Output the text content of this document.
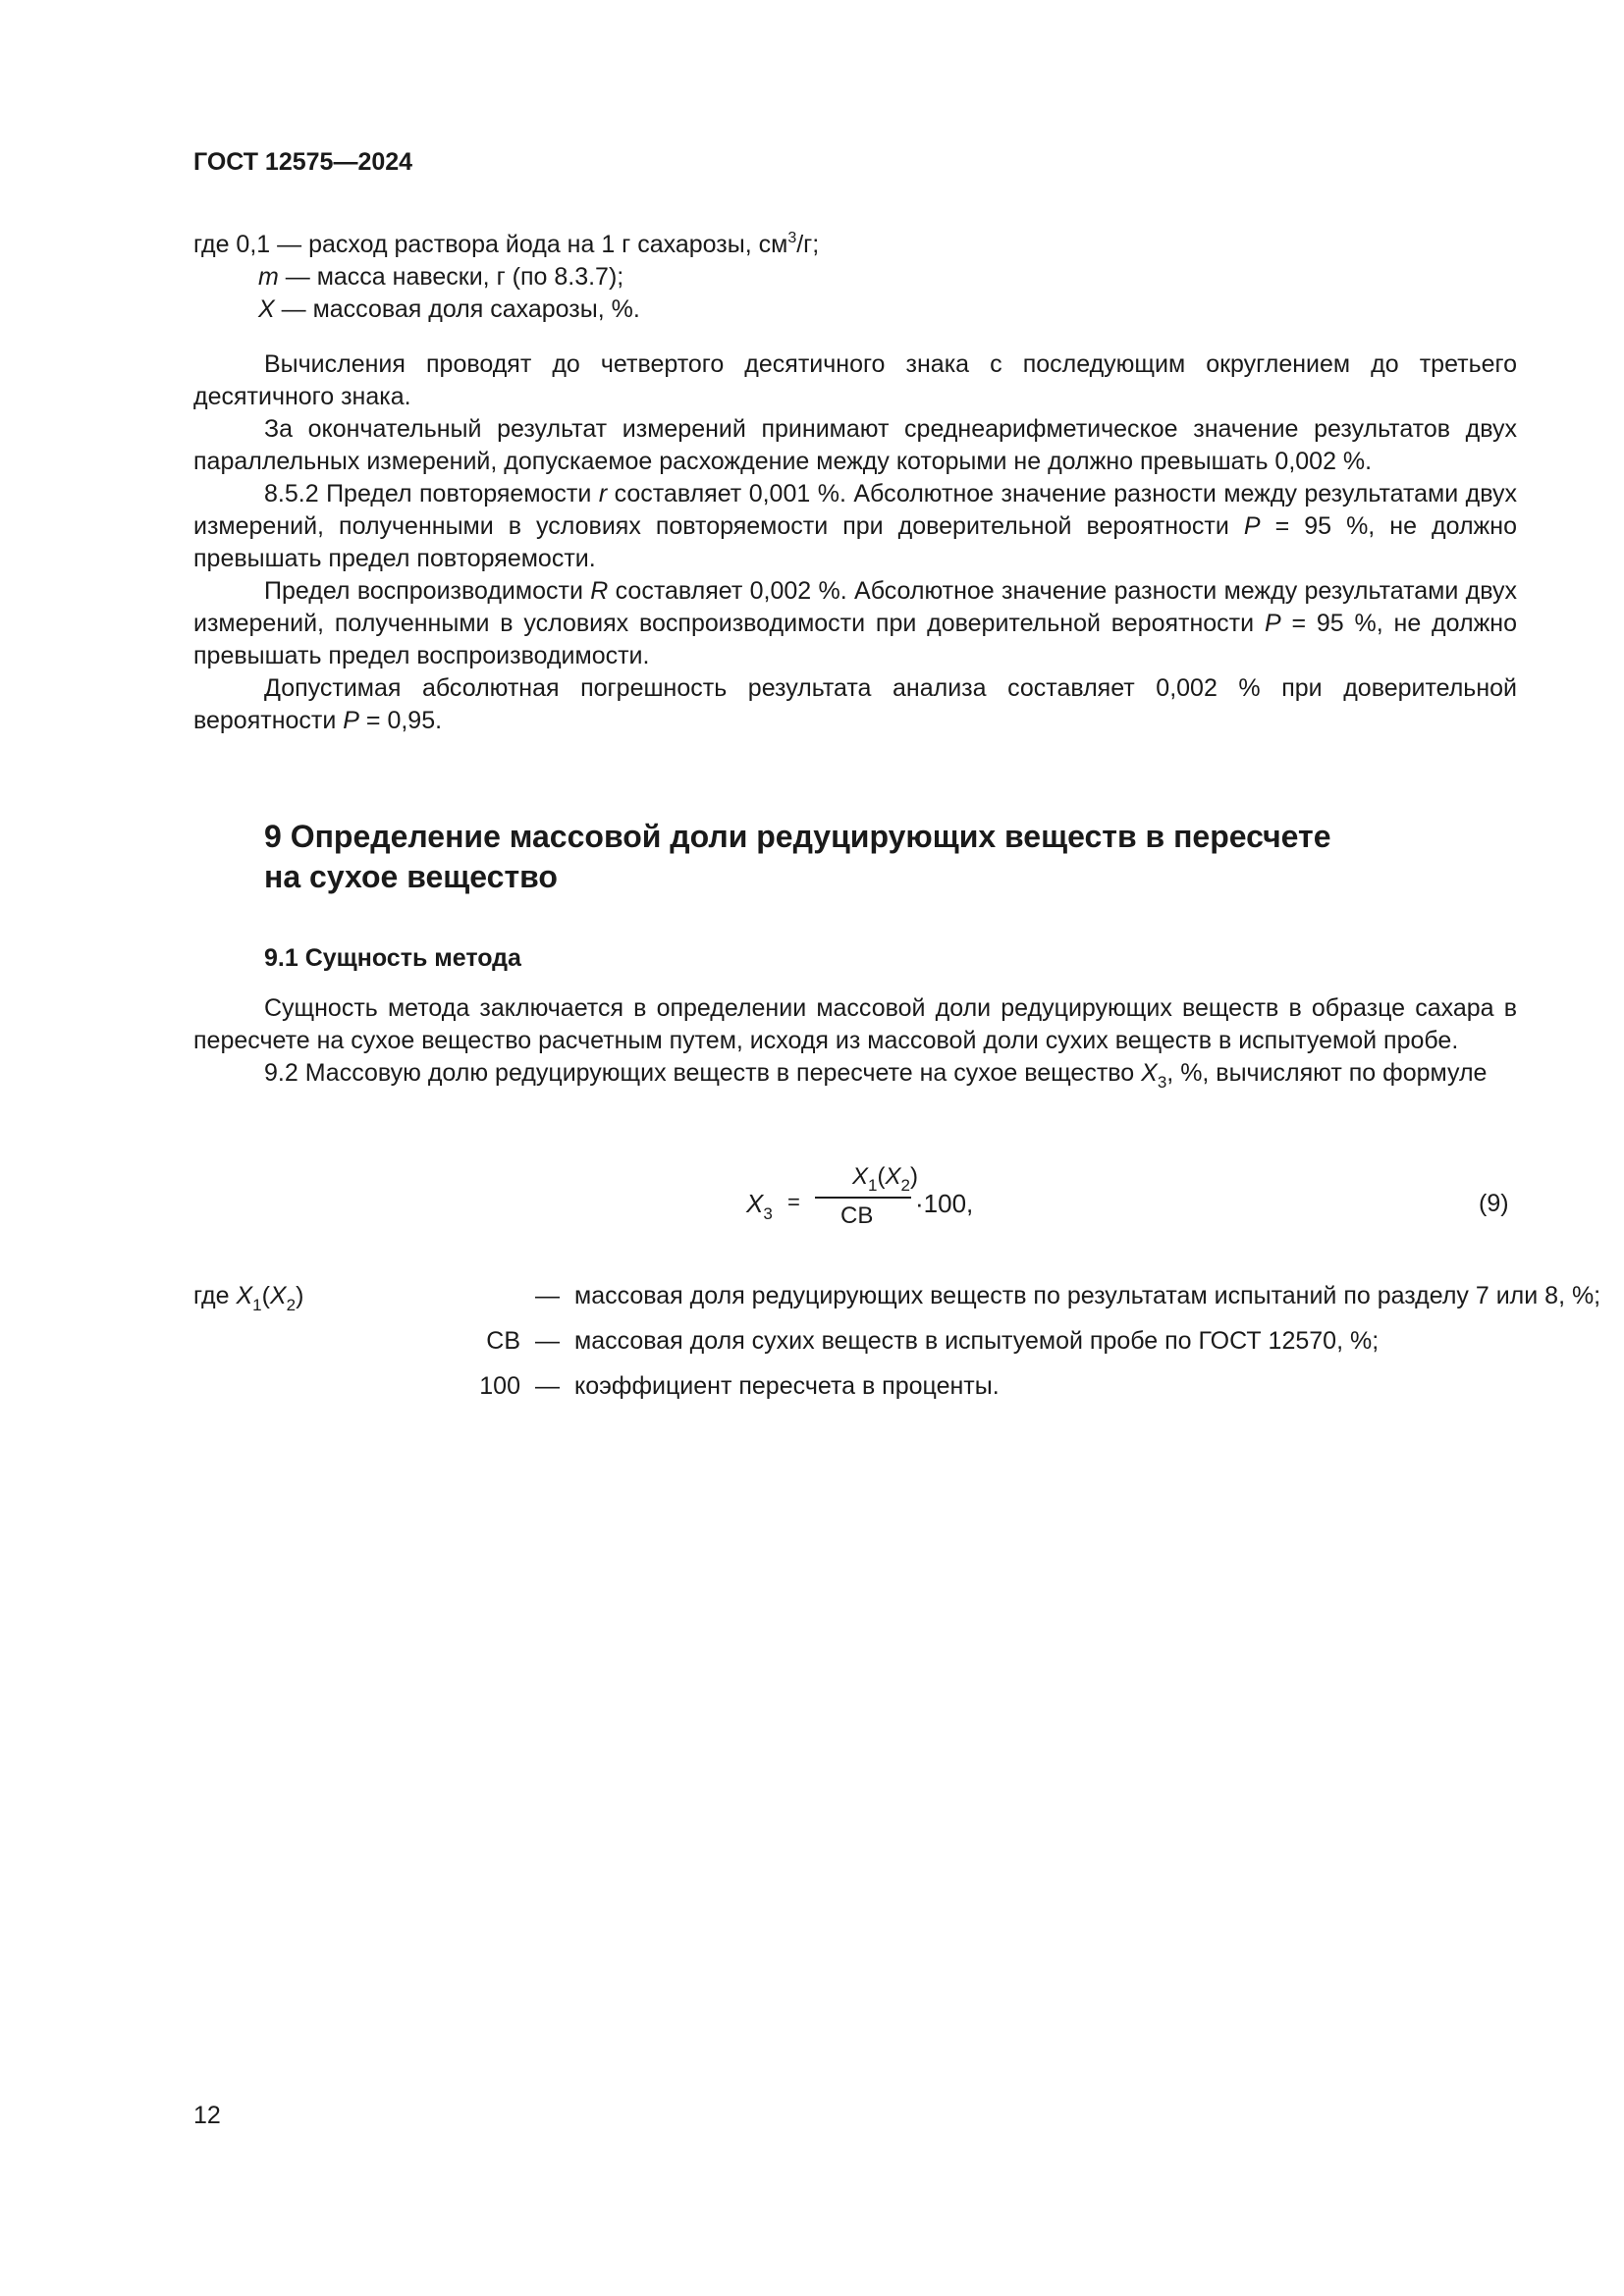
ГОСТ 12575—2024

где 0,1 — расход раствора йода на 1 г сахарозы, $см^3/г$;

m — масса навески, г (по 8.3.7);

X — массовая доля сахарозы, %.

Вычисления проводят до четвертого десятичного знака с последующим округлением до третьего десятичного знака.

За окончательный результат измерений принимают среднеарифметическое значение результатов двух параллельных измерений, допускаемое расхождение между которыми не должно превышать 0,002 %.

8.5.2 Предел повторяемости r составляет 0,001 %. Абсолютное значение разности между результатами двух измерений, полученными в условиях повторяемости при доверительной вероятности P = 95 %, не должно превышать предел повторяемости.

Предел воспроизводимости R составляет 0,002 %. Абсолютное значение разности между результатами двух измерений, полученными в условиях воспроизводимости при доверительной вероятности P = 95 %, не должно превышать предел воспроизводимости.

Допустимая абсолютная погрешность результата анализа составляет 0,002 % при доверительной вероятности P = 0,95.

9 Определение массовой доли редуцирующих веществ в пересчете
на сухое вещество
9.1 Сущность метода

Сущность метода заключается в определении массовой доли редуцирующих веществ в образце сахара в пересчете на сухое вещество расчетным путем, исходя из массовой доли сухих веществ в испытуемой пробе.

9.2 Массовую долю редуцирующих веществ в пересчете на сухое вещество $X_3$, %, вычисляют по формуле

$X_3$ =
$X_1(X_2)$
СВ ·100,	(9)
где $X_1(X_2)$	— массовая доля редуцирующих веществ по результатам испытаний по разделу 7 или 8, %;
СВ — массовая доля сухих веществ в испытуемой пробе по ГОСТ 12570, %;
100 — коэффициент пересчета в проценты.
12
